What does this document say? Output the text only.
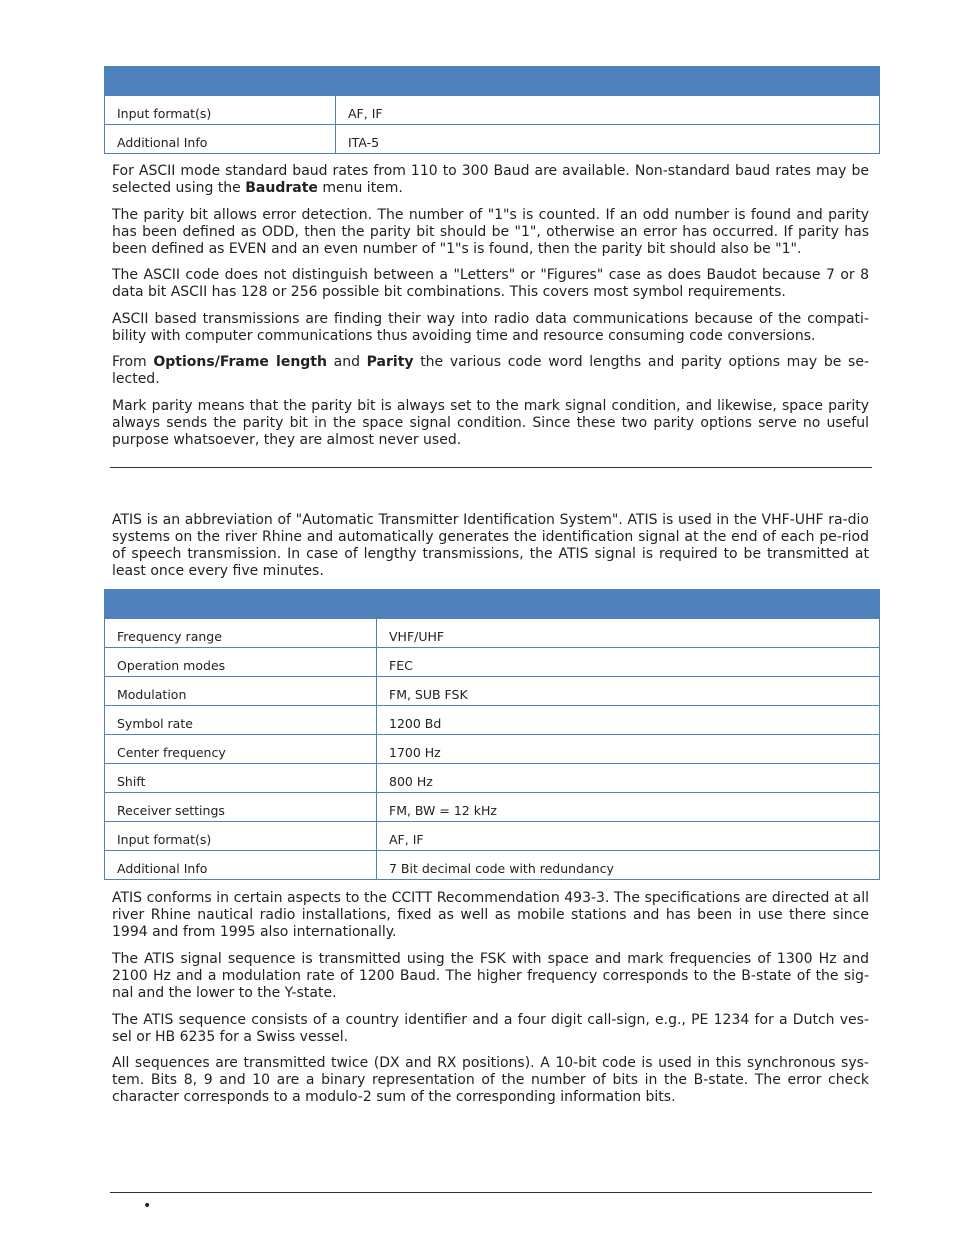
Input format(s)	AF, IF
Additional Info	ITA-5

For ASCII mode standard baud rates from 110 to 300 Baud are available. Non-standard baud rates may be selected using the Baudrate menu item.

The parity bit allows error detection. The number of "1"s is counted. If an odd number is found and parity has been defined as ODD, then the parity bit should be "1", otherwise an error has occurred. If parity has been defined as EVEN and an even number of "1"s is found, then the parity bit should also be "1".

The ASCII code does not distinguish between a "Letters" or "Figures" case as does Baudot because 7 or 8 data bit ASCII has 128 or 256 possible bit combinations. This covers most symbol requirements.

ASCII based transmissions are finding their way into radio data communications because of the compati-bility with computer communications thus avoiding time and resource consuming code conversions.

From Options/Frame length and Parity the various code word lengths and parity options may be se-lected.

Mark parity means that the parity bit is always set to the mark signal condition, and likewise, space parity always sends the parity bit in the space signal condition. Since these two parity options serve no useful purpose whatsoever, they are almost never used.

ATIS is an abbreviation of "Automatic Transmitter Identification System". ATIS is used in the VHF-UHF ra-dio systems on the river Rhine and automatically generates the identification signal at the end of each pe-riod of speech transmission. In case of lengthy transmissions, the ATIS signal is required to be transmitted at least once every five minutes.

Frequency range	VHF/UHF
Operation modes	FEC
Modulation	FM, SUB FSK
Symbol rate	1200 Bd
Center frequency	1700 Hz
Shift	800 Hz
Receiver settings	FM, BW = 12 kHz
Input format(s)	AF, IF
Additional Info	7 Bit decimal code with redundancy

ATIS conforms in certain aspects to the CCITT Recommendation 493-3. The specifications are directed at all river Rhine nautical radio installations, fixed as well as mobile stations and has been in use there since 1994 and from 1995 also internationally.

The ATIS signal sequence is transmitted using the FSK with space and mark frequencies of 1300 Hz and 2100 Hz and a modulation rate of 1200 Baud. The higher frequency corresponds to the B-state of the sig-nal and the lower to the Y-state.

The ATIS sequence consists of a country identifier and a four digit call-sign, e.g., PE 1234 for a Dutch ves-sel or HB 6235 for a Swiss vessel.

All sequences are transmitted twice (DX and RX positions). A 10-bit code is used in this synchronous sys-tem. Bits 8, 9 and 10 are a binary representation of the number of bits in the B-state. The error check character corresponds to a modulo-2 sum of the corresponding information bits.

•
